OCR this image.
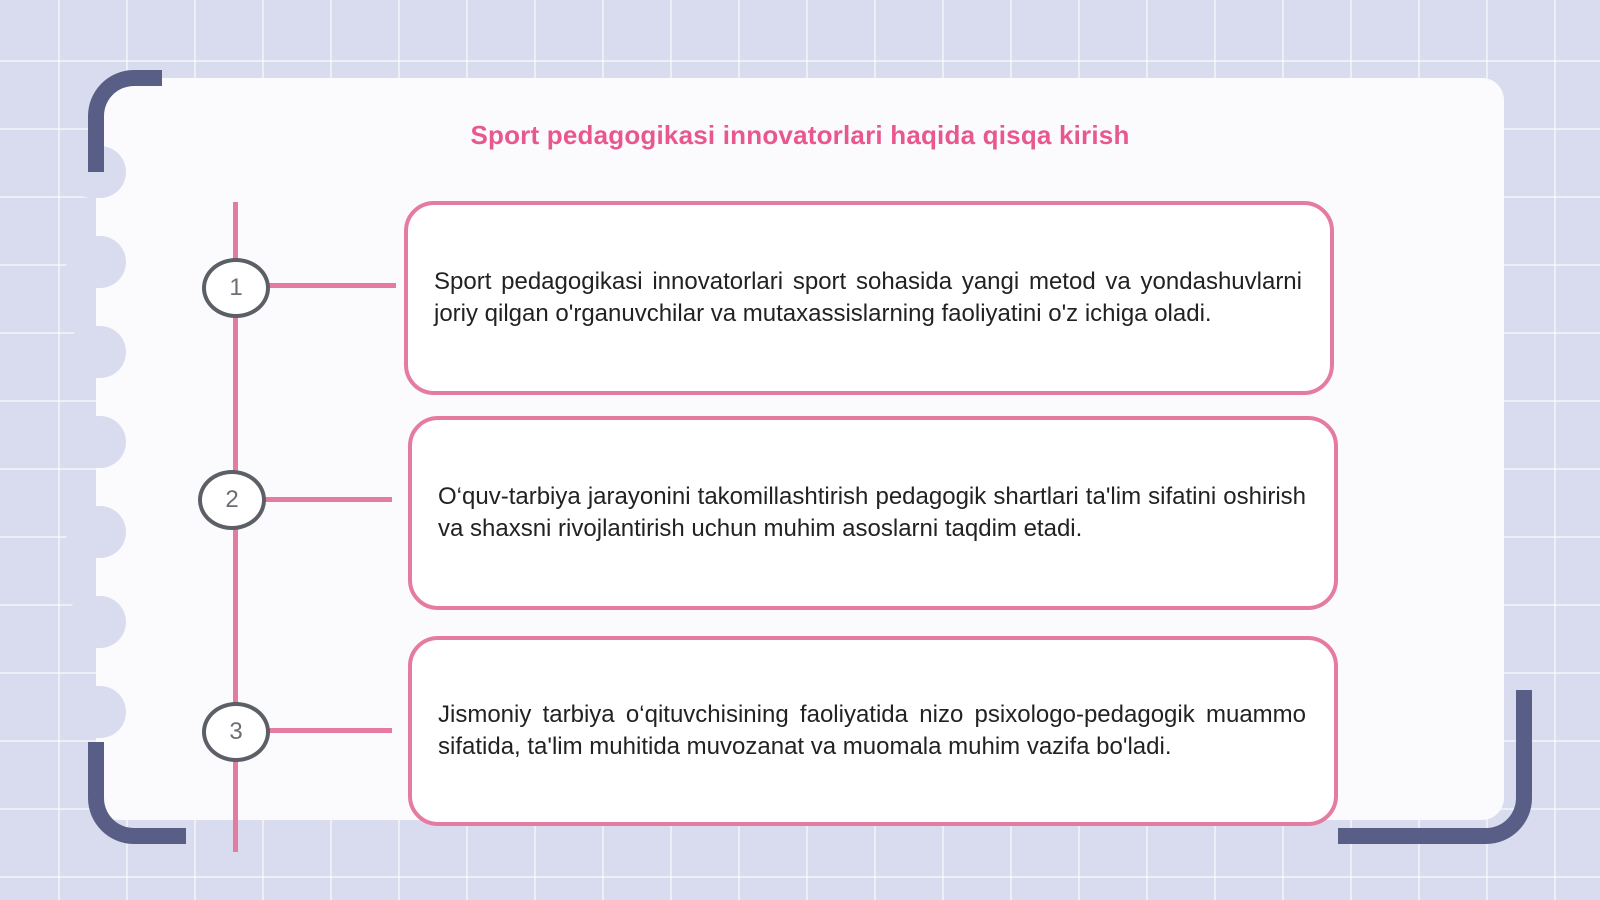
Sport pedagogikasi innovatorlari haqida qisqa kirish
1
2
3

Sport pedagogikasi innovatorlari sport sohasida yangi metod va yondashuvlarni joriy qilgan o'rganuvchilar va mutaxassislarning faoliyatini o'z ichiga oladi.

O‘quv-tarbiya jarayonini takomillashtirish pedagogik shartlari ta'lim sifatini oshirish va shaxsni rivojlantirish uchun muhim asoslarni taqdim etadi.

Jismoniy tarbiya o‘qituvchisining faoliyatida nizo psixologo-pedagogik muammo sifatida, ta'lim muhitida muvozanat va muomala muhim vazifa bo'ladi.
